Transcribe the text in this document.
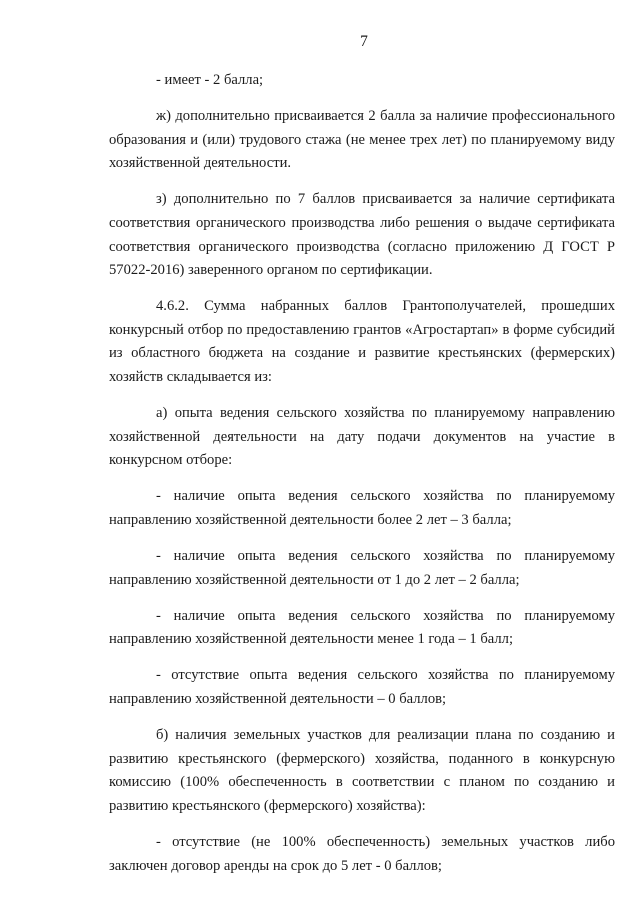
7

- имеет - 2 балла;

ж) дополнительно присваивается 2 балла за наличие профессионального образования и (или) трудового стажа (не менее трех лет) по планируемому виду хозяйственной деятельности.

з) дополнительно по 7 баллов присваивается за наличие сертификата соответствия органического производства либо решения о выдаче сертификата соответствия органического производства (согласно приложению Д ГОСТ Р 57022-2016) заверенного органом по сертификации.

4.6.2. Сумма набранных баллов Грантополучателей, прошедших конкурсный отбор по предоставлению грантов «Агростартап» в форме субсидий из областного бюджета на создание и развитие крестьянских (фермерских) хозяйств складывается из:

а) опыта ведения сельского хозяйства по планируемому направлению хозяйственной деятельности на дату подачи документов на участие в конкурсном отборе:

- наличие опыта ведения сельского хозяйства по планируемому направлению хозяйственной деятельности более 2 лет – 3 балла;

- наличие опыта ведения сельского хозяйства по планируемому направлению хозяйственной деятельности от 1 до 2 лет – 2 балла;

- наличие опыта ведения сельского хозяйства по планируемому направлению хозяйственной деятельности менее 1 года – 1 балл;

- отсутствие опыта ведения сельского хозяйства по планируемому направлению хозяйственной деятельности – 0 баллов;

б) наличия земельных участков для реализации плана по созданию и развитию крестьянского (фермерского) хозяйства, поданного в конкурсную комиссию (100% обеспеченность в соответствии с планом по созданию и развитию крестьянского (фермерского) хозяйства):

- отсутствие (не 100% обеспеченность) земельных участков либо заключен договор аренды на срок до 5 лет - 0 баллов;
